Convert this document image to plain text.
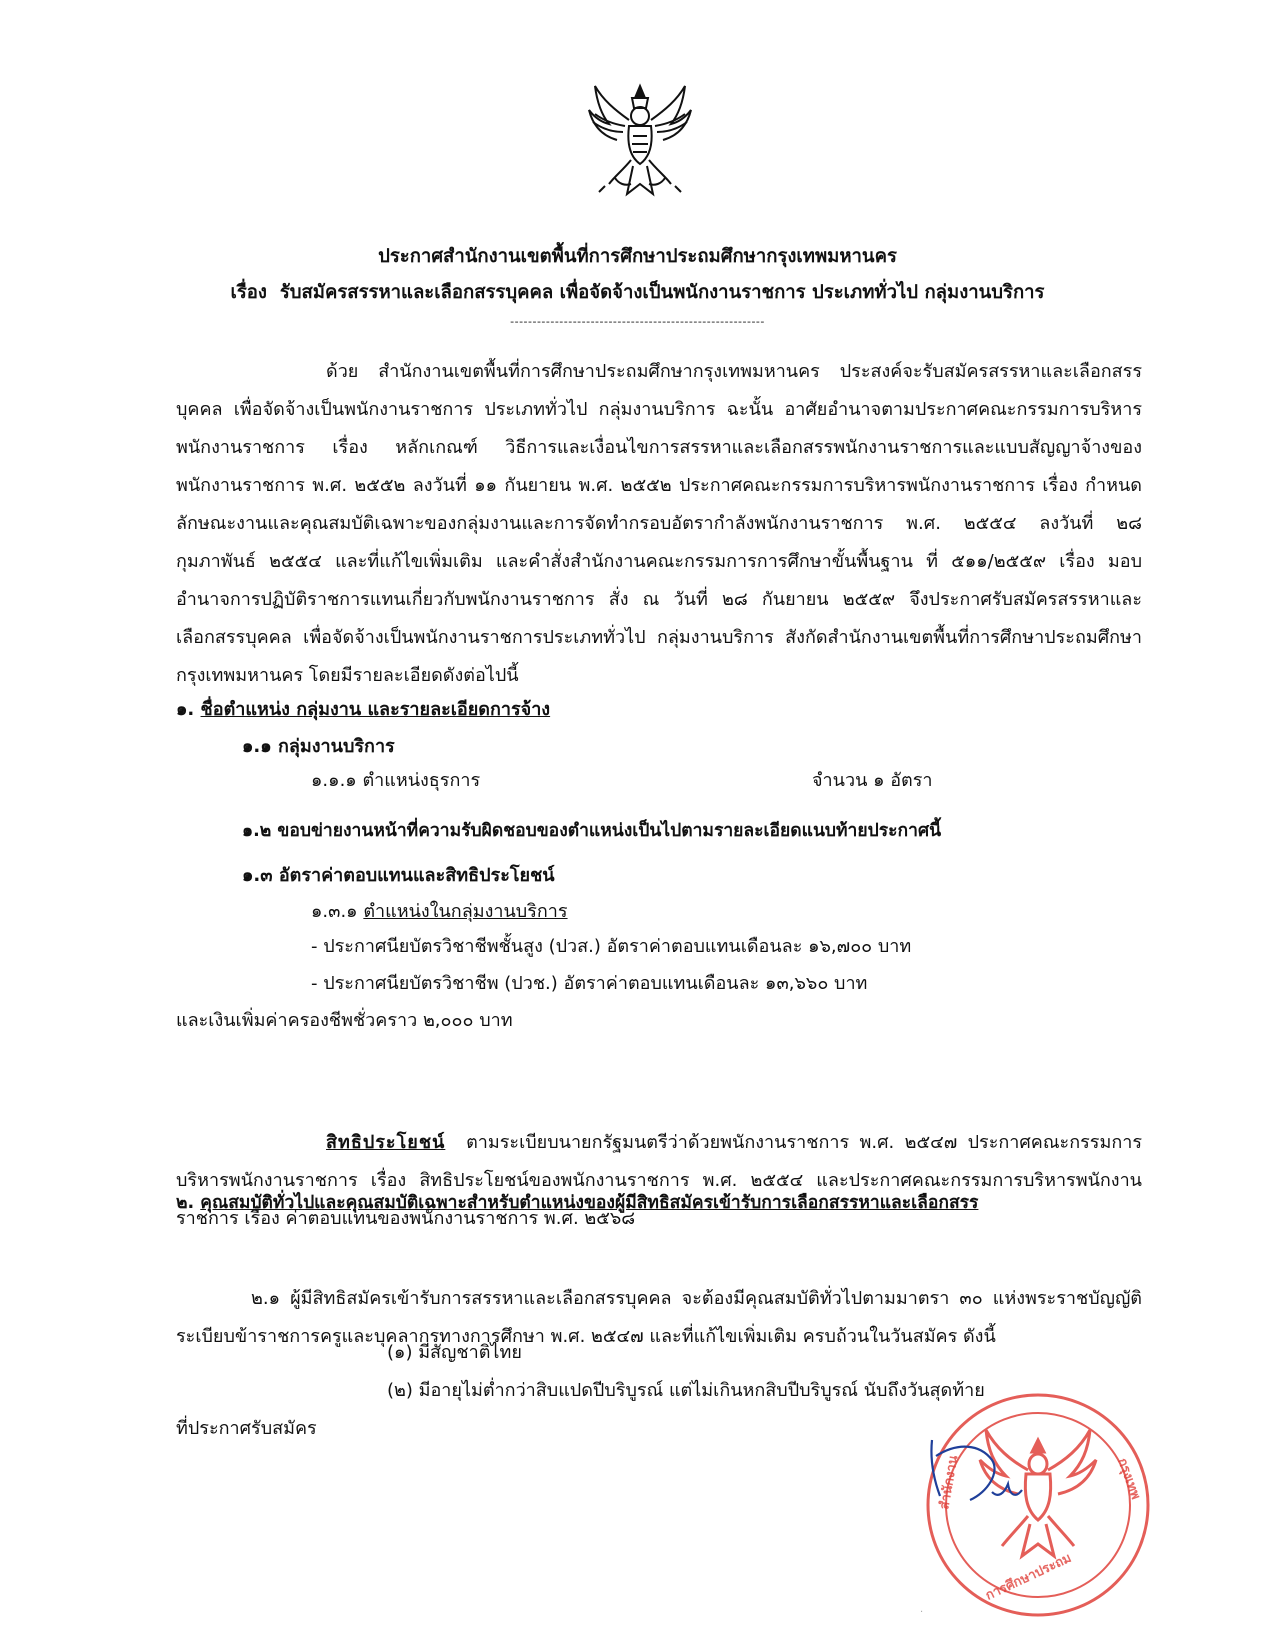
ประกาศสำนักงานเขตพื้นที่การศึกษาประถมศึกษากรุงเทพมหานคร
เรื่อง รับสมัครสรรหาและเลือกสรรบุคคล เพื่อจัดจ้างเป็นพนักงานราชการ ประเภททั่วไป กลุ่มงานบริการ
---------------------------------------------------------
ด้วย สำนักงานเขตพื้นที่การศึกษาประถมศึกษากรุงเทพมหานคร ประสงค์จะรับสมัครสรรหาและเลือกสรรบุคคล เพื่อจัดจ้างเป็นพนักงานราชการ ประเภททั่วไป กลุ่มงานบริการ ฉะนั้น อาศัยอำนาจตามประกาศคณะกรรมการบริหารพนักงานราชการ เรื่อง หลักเกณฑ์ วิธีการและเงื่อนไขการสรรหาและเลือกสรรพนักงานราชการและแบบสัญญาจ้างของพนักงานราชการ พ.ศ. ๒๕๕๒ ลงวันที่ ๑๑ กันยายน พ.ศ. ๒๕๕๒ ประกาศคณะกรรมการบริหารพนักงานราชการ เรื่อง กำหนดลักษณะงานและคุณสมบัติเฉพาะของกลุ่มงานและการจัดทำกรอบอัตรากำลังพนักงานราชการ พ.ศ. ๒๕๕๔ ลงวันที่ ๒๘ กุมภาพันธ์ ๒๕๕๔ และที่แก้ไขเพิ่มเติม และคำสั่งสำนักงานคณะกรรมการการศึกษาขั้นพื้นฐาน ที่ ๕๑๑/๒๕๕๙ เรื่อง มอบอำนาจการปฏิบัติราชการแทนเกี่ยวกับพนักงานราชการ สั่ง ณ วันที่ ๒๘ กันยายน ๒๕๕๙ จึงประกาศรับสมัครสรรหาและเลือกสรรบุคคล เพื่อจัดจ้างเป็นพนักงานราชการประเภททั่วไป กลุ่มงานบริการ สังกัดสำนักงานเขตพื้นที่การศึกษาประถมศึกษากรุงเทพมหานคร โดยมีรายละเอียดดังต่อไปนี้
๑. ชื่อตำแหน่ง กลุ่มงาน และรายละเอียดการจ้าง
๑.๑ กลุ่มงานบริการ
๑.๑.๑ ตำแหน่งธุรการ	จำนวน ๑ อัตรา
๑.๒ ขอบข่ายงานหน้าที่ความรับผิดชอบของตำแหน่งเป็นไปตามรายละเอียดแนบท้ายประกาศนี้
๑.๓ อัตราค่าตอบแทนและสิทธิประโยชน์
๑.๓.๑ ตำแหน่งในกลุ่มงานบริการ
- ประกาศนียบัตรวิชาชีพชั้นสูง (ปวส.) อัตราค่าตอบแทนเดือนละ ๑๖,๗๐๐ บาท
- ประกาศนียบัตรวิชาชีพ (ปวช.) อัตราค่าตอบแทนเดือนละ ๑๓,๖๖๐ บาท
และเงินเพิ่มค่าครองชีพชั่วคราว ๒,๐๐๐ บาท
สิทธิประโยชน์ ตามระเบียบนายกรัฐมนตรีว่าด้วยพนักงานราชการ พ.ศ. ๒๕๔๗ ประกาศคณะกรรมการบริหารพนักงานราชการ เรื่อง สิทธิประโยชน์ของพนักงานราชการ พ.ศ. ๒๕๕๔ และประกาศคณะกรรมการบริหารพนักงานราชการ เรื่อง ค่าตอบแทนของพนักงานราชการ พ.ศ. ๒๕๖๘
๒. คุณสมบัติทั่วไปและคุณสมบัติเฉพาะสำหรับตำแหน่งของผู้มีสิทธิสมัครเข้ารับการเลือกสรรหาและเลือกสรร
๒.๑ ผู้มีสิทธิสมัครเข้ารับการสรรหาและเลือกสรรบุคคล จะต้องมีคุณสมบัติทั่วไปตามมาตรา ๓๐ แห่งพระราชบัญญัติระเบียบข้าราชการครูและบุคลากรทางการศึกษา พ.ศ. ๒๕๔๗ และที่แก้ไขเพิ่มเติม ครบถ้วนในวันสมัคร ดังนี้
(๑) มีสัญชาติไทย
(๒) มีอายุไม่ต่ำกว่าสิบแปดปีบริบูรณ์ แต่ไม่เกินหกสิบปีบริบูรณ์ นับถึงวันสุดท้าย
ที่ประกาศรับสมัคร
สำนักงาน
การศึกษาประถม
กรุงเทพ
·
